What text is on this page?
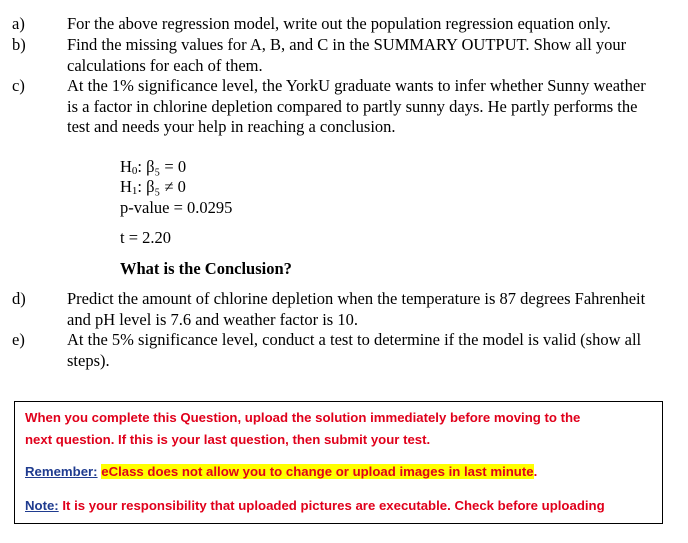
a)	For the above regression model, write out the population regression equation only.
b)	Find the missing values for A, B, and C in the SUMMARY OUTPUT. Show all your
calculations for each of them.
c)	At the 1% significance level, the YorkU graduate wants to infer whether Sunny weather
is a factor in chlorine depletion compared to partly sunny days. He partly performs the
test and needs your help in reaching a conclusion.
$H_0$: β₅ = 0
$H_1$: β₅ ≠ 0
p-value = 0.0295
t = 2.20
What is the Conclusion?
d)	Predict the amount of chlorine depletion when the temperature is 87 degrees Fahrenheit
and pH level is 7.6 and weather factor is 10.
e)	At the 5% significance level, conduct a test to determine if the model is valid (show all
steps).
When you complete this Question, upload the solution immediately before moving to the
next question. If this is your last question, then submit your test.
Remember: eClass does not allow you to change or upload images in last minute.
Note: It is your responsibility that uploaded pictures are executable. Check before uploading
